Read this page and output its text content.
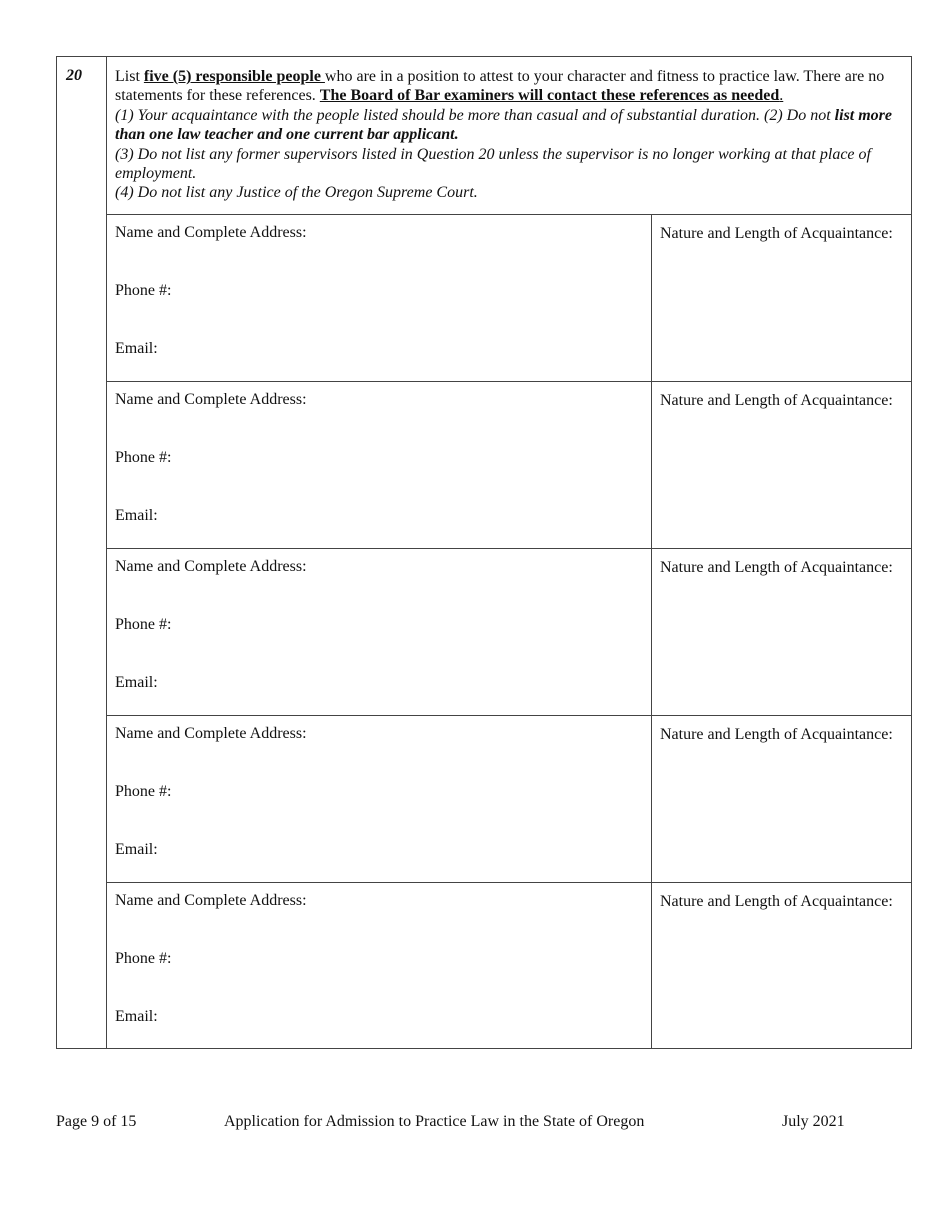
20 List five (5) responsible people who are in a position to attest to your character and fitness to practice law. There are no statements for these references. The Board of Bar examiners will contact these references as needed.

(1) Your acquaintance with the people listed should be more than casual and of substantial duration. (2) Do not list more than one law teacher and one current bar applicant.

(3) Do not list any former supervisors listed in Question 20 unless the supervisor is no longer working at that place of employment.

(4) Do not list any Justice of the Oregon Supreme Court.

Name and Complete Address:
Phone #:
Email:
Nature and Length of Acquaintance:
Name and Complete Address:
Phone #:
Email:
Nature and Length of Acquaintance:
Name and Complete Address:
Phone #:
Email:
Nature and Length of Acquaintance:
Name and Complete Address:
Phone #:
Email:
Nature and Length of Acquaintance:
Name and Complete Address:
Phone #:
Email:
Nature and Length of Acquaintance:
Page 9 of 15	Application for Admission to Practice Law in the State of Oregon	July 2021
